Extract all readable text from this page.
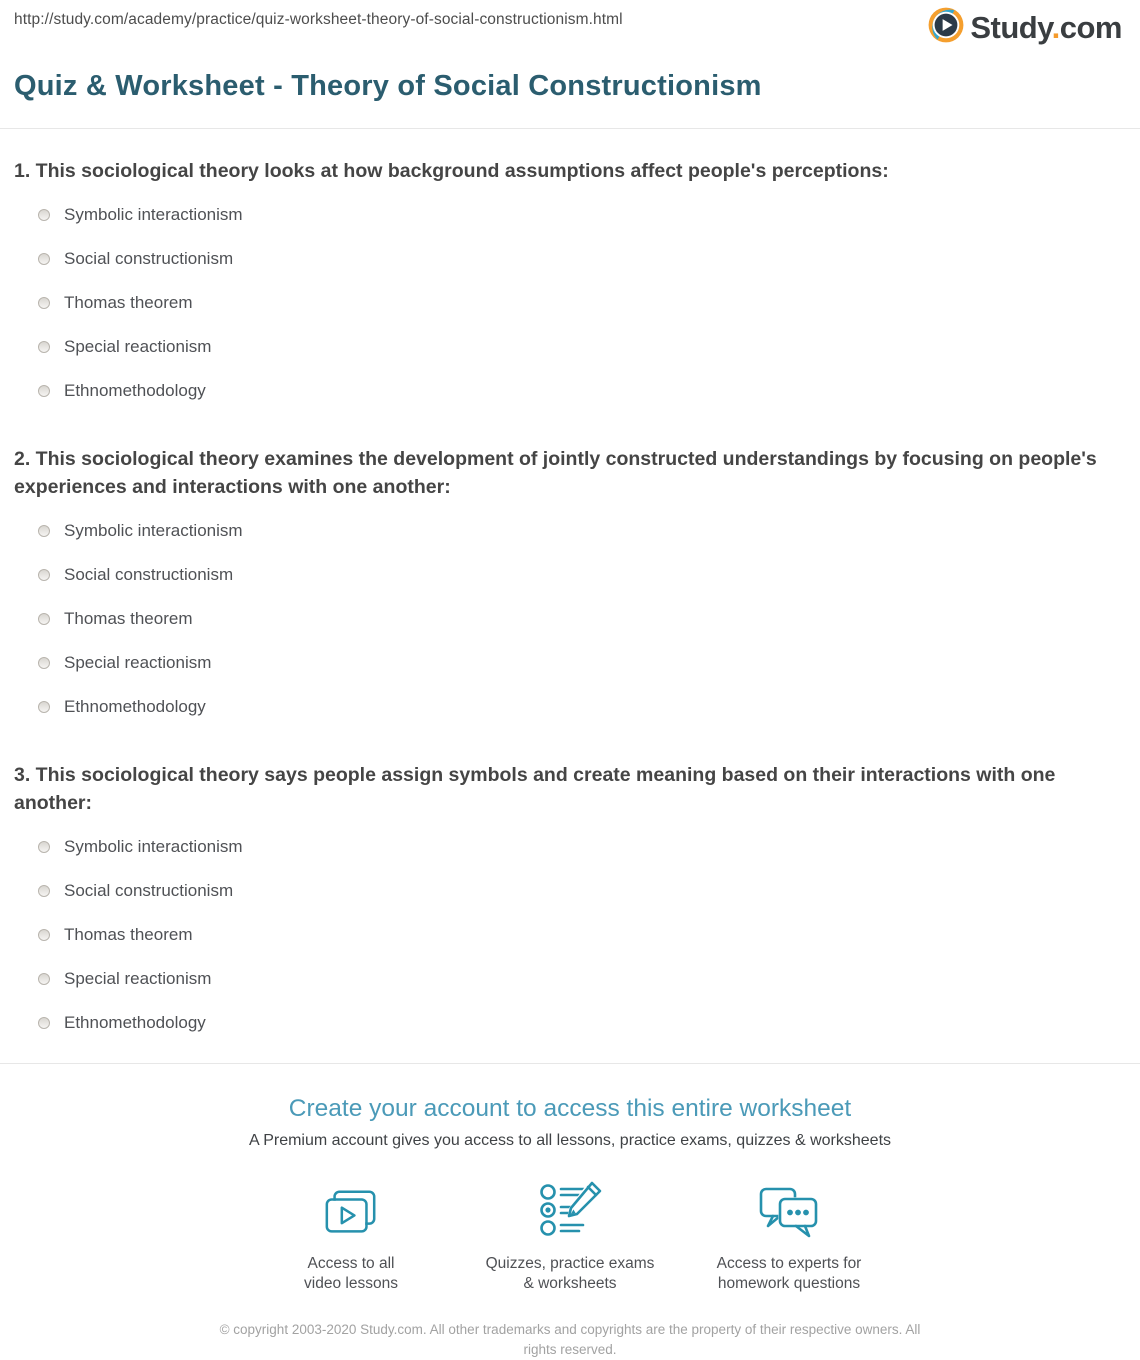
http://study.com/academy/practice/quiz-worksheet-theory-of-social-constructionism.html	Study.com
Quiz & Worksheet - Theory of Social Constructionism
1. This sociological theory looks at how background assumptions affect people's perceptions:
Symbolic interactionism
Social constructionism
Thomas theorem
Special reactionism
Ethnomethodology
2. This sociological theory examines the development of jointly constructed understandings by focusing on people's experiences and interactions with one another:
Symbolic interactionism
Social constructionism
Thomas theorem
Special reactionism
Ethnomethodology
3. This sociological theory says people assign symbols and create meaning based on their interactions with one another:
Symbolic interactionism
Social constructionism
Thomas theorem
Special reactionism
Ethnomethodology
Create your account to access this entire worksheet
A Premium account gives you access to all lessons, practice exams, quizzes & worksheets
Access to all
video lessons
Quizzes, practice exams
& worksheets
Access to experts for
homework questions
© copyright 2003-2020 Study.com. All other trademarks and copyrights are the property of their respective owners. All rights reserved.
